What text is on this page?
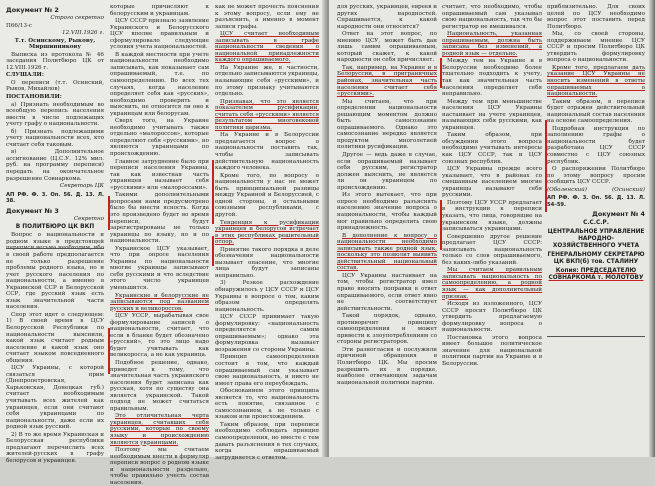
Документ № 2

Строго секретно

П66/13-с

12.VIII.1926 г.

Т.т. Осинскому, Рыкову, Миршинникову

Выписка из протокола № 46 заседания Политбюро ЦК от 12.VIII.1926 г.

СЛУШАЛИ:

О переписи (т.т. Осинский, Рыков, Михайлов)

ПОСТАНОВИЛИ:

а) Признать необходимым во всеобщую перепись населения ввести в числе подлежащих учету графу о национальности.

б) Признать подлежащими учету национальности всех, кто считает себя таковым.

в) Дополнительное ассигнование (Ц.С.У. 12% мил. руб. на программу переписи) передать на окончательное разрешение Совнаркома.

Секретарь ЦК

АП РФ. Ф. 3. Оп. 56. Д. 13. Л. 38.

Документ № 3

Секретно

В ПОЛИТБЮРО ЦК ВКП

Вопрос о национальности и родном языке в предстоящей в своей работе предполагается не только разрешение проблемы родного языка, но и учет русского населения по национальности, а именно в Украинской ССР и Белорусской ССР, где русский язык есть язык значительной части населения.

Спор этот идет о следующем: 1) В своей время в ЦСУ Белорусской Республики по национальности выяснили, какой язык считает родным население и какой язык оно считает языком повседневного общения.

ЦСУ Украины, с которой связаться прим (Днепропетровская, Харьковская, Донецкая губ.) считает необходимым учитывать всех жителей как украинцев, если они считают себя украинцами по национальности, даже если их родной язык русский.

2) В то же время Украинская и Белорусская республики предлагают перечислить всех жителей-русских в графу белорусов и украинцев.

которые причисляют к белорусским и украинцам.

ЦСУ СССР признало заявление Украинского и Белорусского ЦСУ вполне правильным и сформулировало следующие условия учета национальностей.

В каждой местности при учете национальности необходимо записывать, как показывает сам опрашиваемый, т.е. по самоопределению. Во всех тех случаях, когда население определяет себя как «русских», необходимо проверить и выяснить, не относится ли оно к украинцам или белорусам.

Сверх того, на Украине необходимо учитывать также отдельно «малороссов», которые определяют себя «русскими», но являются украинцами по происхождению.

Главное затруднение было при переписи населения Украины, так как известная часть украинцев называет себя «русскими» или «малороссами».

Такими дополнительными вопросами нами предусмотрено было бы внести ясность. Когда это произведено будет во время переписи, будут зарегистрированы не только украинцы по языку, но и по национальности.

Украинское ЦСУ указывает, что при опросе населения Украины по национальности многие украинцы записывают себя русскими и что вследствие этого число украинцев уменьшится.

Украинские и белорусские не записываются под названием русских и великороссов.

ЦСУ УССР, вырабатывая свое формулирование записей о национальности, считает, что если в бланке будет обозначено «русский», то это лицо надо будет учитывать как великоросса, а не как украинца.

Подобное решение, однако, приведет к тому, что значительная часть украинского населения будет записана как русская, хотя по существу она является украинской. Такой подход не может считаться правильным.

Это отличительная черта украинцев, считавших себя русскими, которые по своему языку и происхождению являются украинцами.

Поэтому мы считаем необходимым внести в формуляр переписи вопрос о родном языке и национальности раздельно, чтобы правильно учесть состав населения.

как не может прочесть пояснения к этому вопросу, если ему не разъяснить, а именно в момент записи графы.

ЦСУ считает необходимым записывать в графе национальности сведения о национальной принадлежности каждого опрашиваемого.

На Украине же, в частности, отдельно записываются украинцы, называющие себя «русскими», и по этому признаку учитываются отдельно.

Признавая, что это является показателем русификации, считать себя «русскими» является результатом многовековой политики царизма.

На Украине и в Белоруссии предлагается вопрос о национальности поставить так, чтобы записывать действительную национальность каждого человека.

Кроме того, по вопросу о национальности у нас не может быть принципиальной разницы между Украиной и Белоруссией, с одной стороны, и остальными союзными республиками, с другой.

Тенденция к русификации украинцев и белорусов встречает в этих республиках решительный отпор.

Принятие такого порядка в деле обозначения национальности вызывает опасение, что многие лица будут записаны неправильно.

3) Резкое расхождение обнаружилось у ЦСУ СССР и ЦСУ Украины в вопросе о том, каким образом определять национальность.

ЦСУ СССР принимает такую формулировку: «национальность определяется самим опрашиваемым»; однако эта формулировка вызывает возражения со стороны Украины.

Принцип самоопределения состоит в том, что каждый опрашиваемый сам указывает свою национальность, и никто не имеет права его переубеждать.

Обоснованием этого принципа является то, что национальность есть понятие, связанное с самосознанием, а не только с языком или происхождением.

Таким образом, при переписи необходимо соблюдать принцип самоопределения, но вместе с тем давать разъяснения в тех случаях, когда опрашиваемый затрудняется с ответом.

для русских, украинцев, евреев и других народностей. Спрашивается, к какой народности они относятся?

Ответ на этот вопрос, по мнению ЦСУ, может быть дан лишь самим опрашиваемым, который скажет, к какой народности он себя причисляет.

Так, например, на Украине и в Белоруссии, в приграничных районах, значительная часть населения считает себя «русскими».

Мы считаем, что при определении национальности решающим моментом должно быть самосознание опрашиваемого. Однако это самосознание нередко является продуктом многолетней политики русификации.

Другое — ведь даже в случае, если опрашиваемый называет себя русским, регистратор должен выяснить, не является ли он украинцем по происхождению.

Из этого вытекает, что при опросе необходимо разъяснять населению значение вопроса о национальности, чтобы каждый мог правильно определить свою принадлежность.

В дополнение к вопросу о национальности необходимо записывать также родной язык, поскольку это позволит выявить действительный национальный состав.

ЦСУ Украины настаивает на том, чтобы регистратор имел право вносить поправки в ответ опрашиваемого, если ответ явно не соответствует действительности.

Такой порядок, однако, противоречит принципу самоопределения и может привести к злоупотреблениям со стороны регистраторов.

Эти разногласия и послужили причиной обращения в Политбюро ЦК. Мы просим разрешить их в порядке, наиболее отвечающем задачам национальной политики партии.

считает, что необходимо, чтобы опрашиваемый сам указывал свою национальность, так что бы регистратор не вмешивался.

Национальность, указанная опрашиваемым, должна быть записана без изменений, а родной язык — отдельно.

Между тем на Украине и в Белоруссии необходимо более тщательно подходить к учету, так как значительная часть населения определяет себя неправильно.

Между тем при меньшинстве населения ЦСУ Украины настаивает на учете украинцев, называющих себя русскими, как украинцев.

Таким образом, при обсуждении этого вопроса необходимо учитывать интересы как ЦСУ СССР, так и ЦСУ союзных республик.

ЦСУ Украины прежде всего указывает, что в районах со смешанным населением многие украинцы называют себя русскими.

Поэтому ЦСУ УССР предлагает в инструкции к переписи указать, что лица, говорящие на украинском языке, должны записываться украинцами.

Совершенно другое решение предлагает ЦСУ СССР: записывать национальность только со слов опрашиваемого, без каких-либо указаний.

Мы считаем правильным записывать национальность по самоопределению, а родной язык — как дополнительный признак.

Исходя из изложенного, ЦСУ СССР просит Политбюро ЦК утвердить предлагаемую формулировку вопроса о национальности.

Постановка этого вопроса имеет большое политическое значение для национальной политики партии на Украине и в Белоруссии.

приблизительно. Для своих целей по ЦСУ необходимо вопрос этот поставить перед Политбюро.

Мы, со своей стороны, поддерживаем мнение ЦСУ СССР и просим Политбюро ЦК утвердить формулировку вопроса о национальности.

Кроме того, предлагаем дать указание ЦСУ Украины не вносить изменений в ответы опрашиваемых о национальности.

Таким образом, в переписи будет отражен действительный национальный состав населения на основе самоопределения.

Подробная инструкция по заполнению графы о национальности будет разработана ЦСУ СССР совместно с ЦСУ союзных республик.

О распоряжении Политбюро по этому вопросу просим сообщить ЦСУ СССР.

(Оболенский)	(Осинский)

АП РФ. Ф. 3. Оп. 56. Д. 13. Л. 54–59.

Документ № 4

С.С.С.Р.

ЦЕНТРАЛЬНОЕ УПРАВЛЕНИЕ НАРОДНО-ХОЗЯЙСТВЕННОГО УЧЕТА

ГЕНЕРАЛЬНОМУ СЕКРЕТАРЮ ЦК ВКП(б) тов. СТАЛИНУ

Копия: ПРЕДСЕДАТЕЛЮ СОВНАРКОМА т. МОЛОТОВУ
